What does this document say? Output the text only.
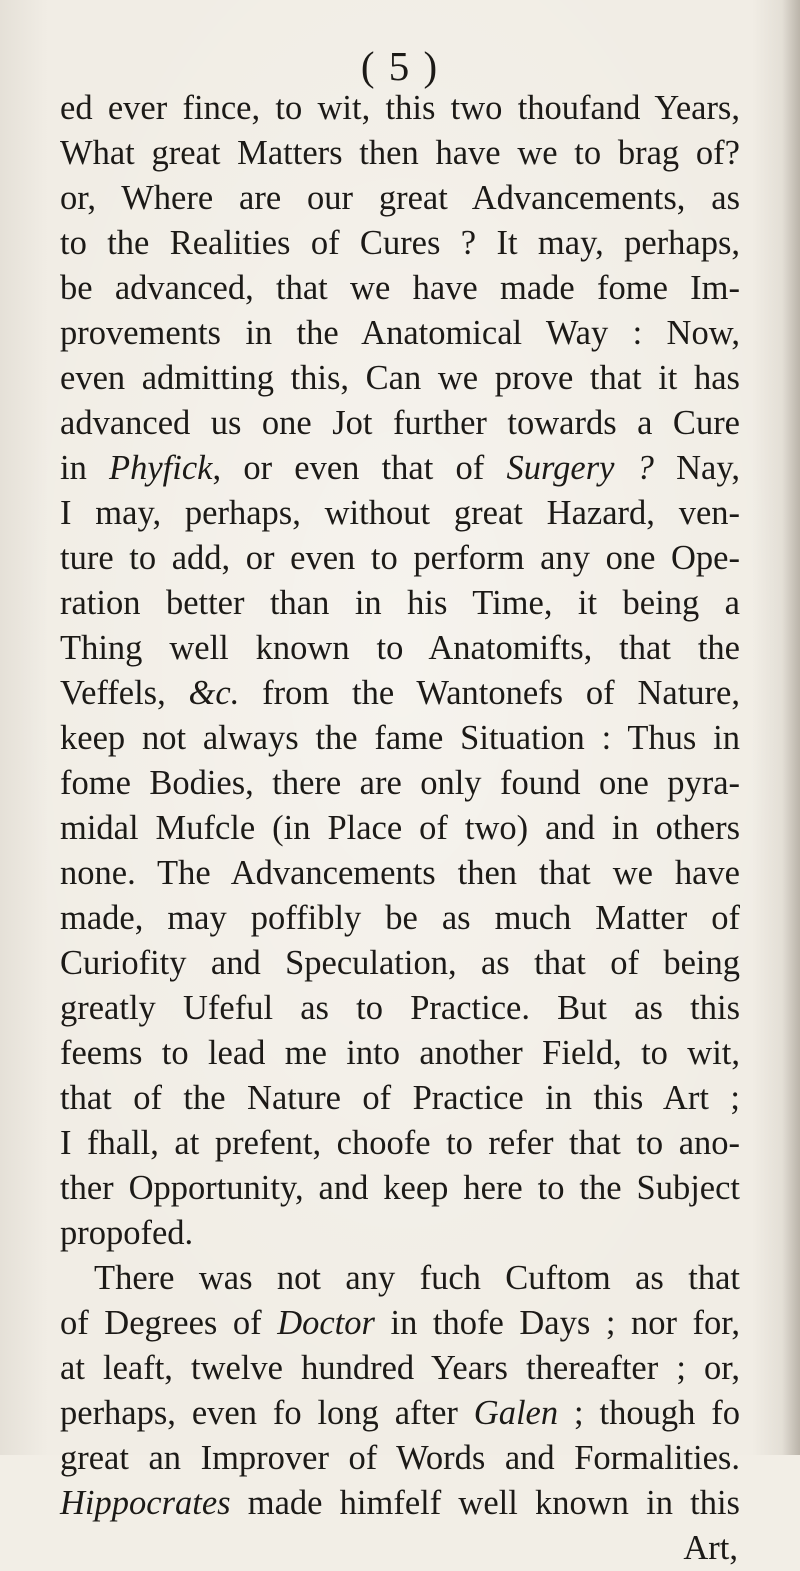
( 5 )
ed ever fince, to wit, this two thoufand Years,
What great Matters then have we to brag of?
or, Where are our great Advancements, as
to the Realities of Cures ? It may, perhaps,
be advanced, that we have made fome Im-
provements in the Anatomical Way : Now,
even admitting this, Can we prove that it has
advanced us one Jot further towards a Cure
in Phyfick, or even that of Surgery ? Nay,
I may, perhaps, without great Hazard, ven-
ture to add, or even to perform any one Ope-
ration better than in his Time, it being a
Thing well known to Anatomifts, that the
Veffels, &c. from the Wantonefs of Nature,
keep not always the fame Situation : Thus in
fome Bodies, there are only found one pyra-
midal Mufcle (in Place of two) and in others
none. The Advancements then that we have
made, may poffibly be as much Matter of
Curiofity and Speculation, as that of being
greatly Ufeful as to Practice. But as this
feems to lead me into another Field, to wit,
that of the Nature of Practice in this Art ;
I fhall, at prefent, choofe to refer that to ano-
ther Opportunity, and keep here to the Subject
propofed.
There was not any fuch Cuftom as that
of Degrees of Doctor in thofe Days ; nor for,
at leaft, twelve hundred Years thereafter ; or,
perhaps, even fo long after Galen ; though fo
great an Improver of Words and Formalities.
Hippocrates made himfelf well known in this
Art,
